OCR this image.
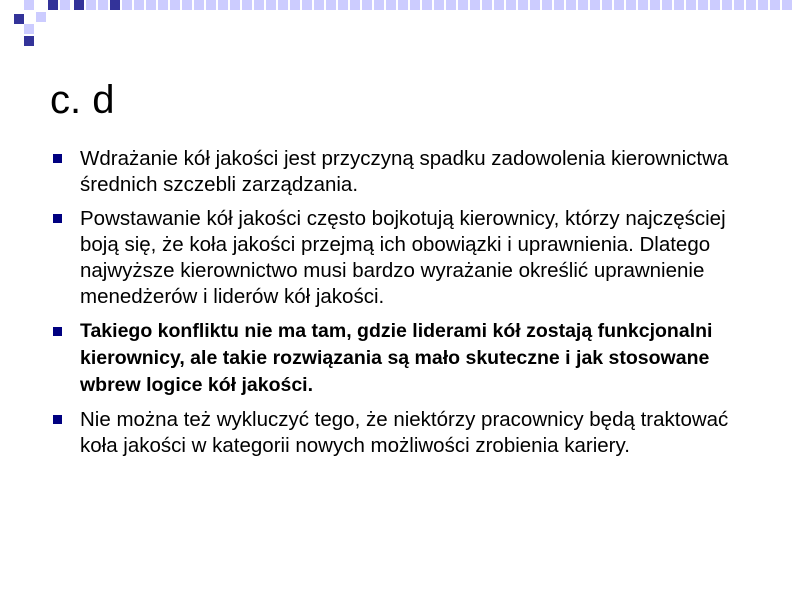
c. d
Wdrażanie kół jakości jest przyczyną spadku zadowolenia kierownictwa średnich szczebli zarządzania.
Powstawanie kół jakości często bojkotują kierownicy, którzy najczęściej boją się, że koła jakości przejmą ich obowiązki i uprawnienia. Dlatego najwyższe kierownictwo musi bardzo wyrażanie określić uprawnienie menedżerów i liderów kół jakości.
Takiego konfliktu nie ma tam, gdzie liderami kół zostają funkcjonalni kierownicy, ale takie rozwiązania są mało skuteczne i jak stosowane wbrew logice kół jakości.
Nie można też wykluczyć tego, że niektórzy pracownicy będą traktować koła jakości w kategorii nowych możliwości zrobienia kariery.
